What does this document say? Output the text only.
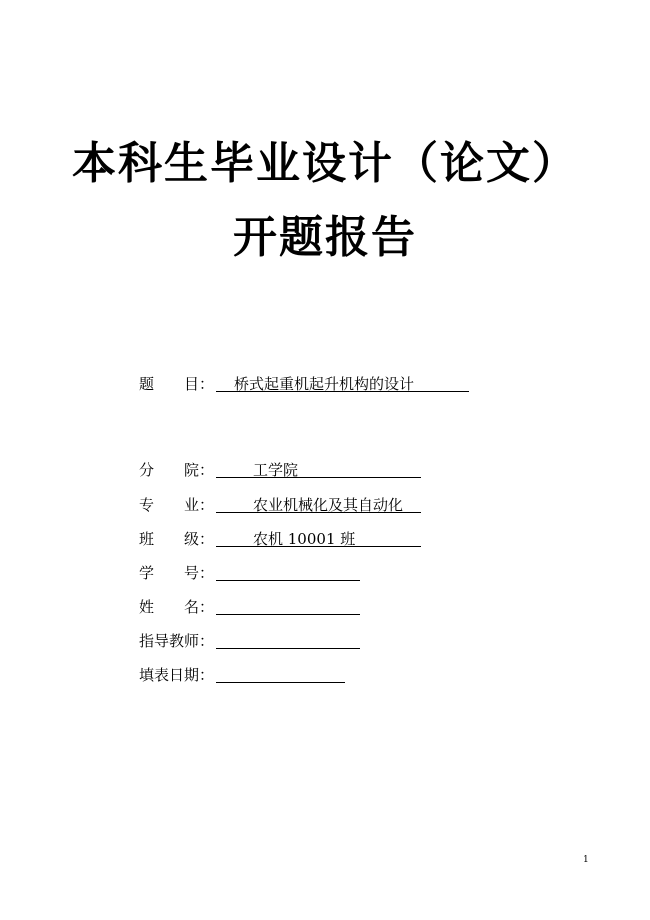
本科生毕业设计（论文）
开题报告
题　　目：	桥式起重机起升机构的设计
分　　院：	工学院
专　　业：	农业机械化及其自动化
班　　级：	农机 10001 班
学　　号：
姓　　名：
指导教师：
填表日期：
1
